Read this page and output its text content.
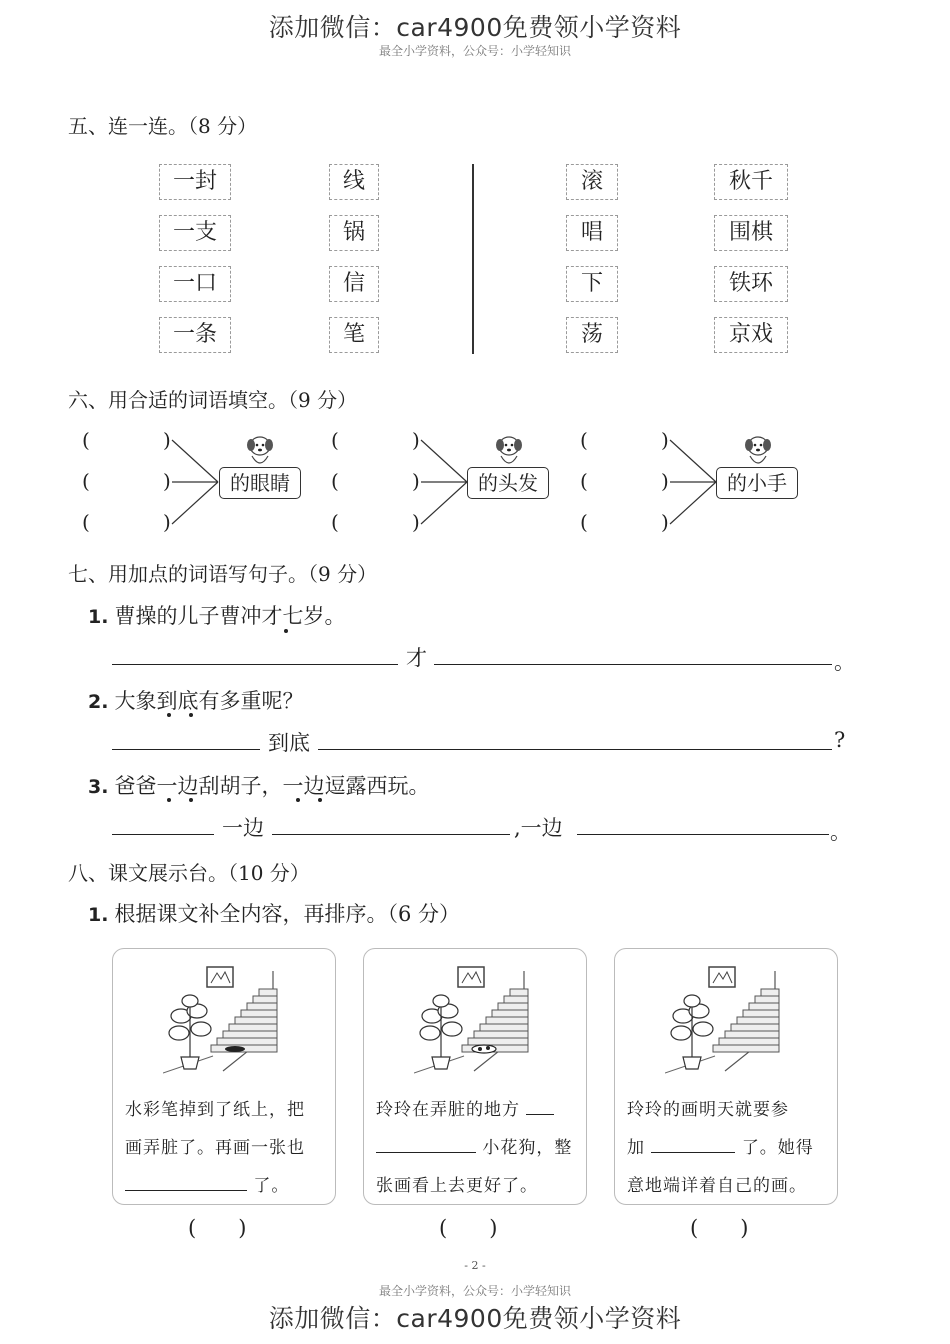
添加微信：car4900免费领小学资料
最全小学资料，公众号：小学轻知识
五、连一连。（8 分）
一封
一支
一口
一条
线
锅
信
笔
滚
唱
下
荡
秋千
围棋
铁环
京戏
六、用合适的词语填空。（9 分）
(	)
(	)
(	)
的眼睛
(	)
(	)
(	)
的头发
(	)
(	)
(	)
的小手
七、用加点的词语写句子。（9 分）
1. 曹操的儿子曹冲才七岁。
才	。
2. 大象到底有多重呢？
到底	?
3. 爸爸一边刮胡子，一边逗露西玩。
一边	,一边	。
八、课文展示台。（10 分）
1. 根据课文补全内容，再排序。（6 分）
水彩笔掉到了纸上，把
画弄脏了。再画一张也
了。
玲玲在弄脏的地方
小花狗，整
张画看上去更好了。
玲玲的画明天就要参
加	了。她得
意地端详着自己的画。
(　　)	(　　)	(　　)
- 2 -
最全小学资料，公众号：小学轻知识
添加微信：car4900免费领小学资料
